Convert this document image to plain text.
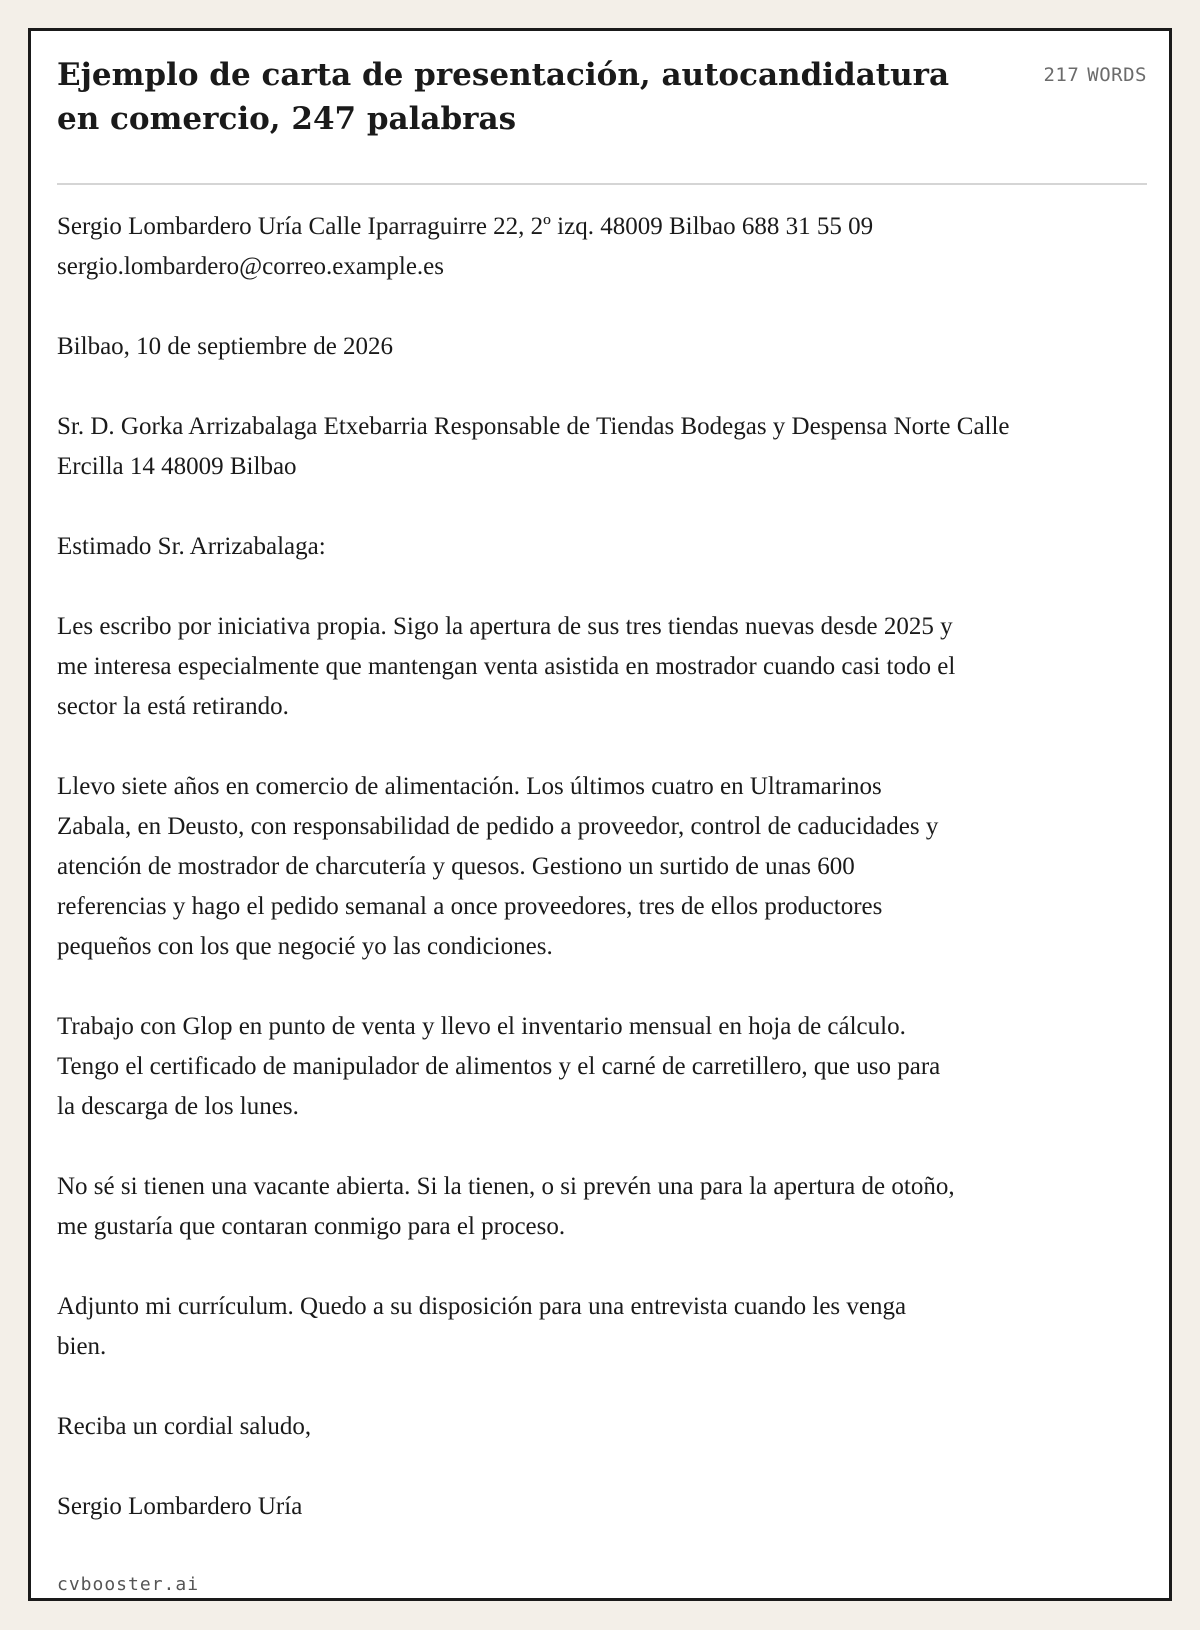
Ejemplo de carta de presentación, autocandidatura en comercio, 247 palabras
217 WORDS

Sergio Lombardero Uría Calle Iparraguirre 22, 2º izq. 48009 Bilbao 688 31 55 09 sergio.lombardero@correo.example.es

Bilbao, 10 de septiembre de 2026

Sr. D. Gorka Arrizabalaga Etxebarria Responsable de Tiendas Bodegas y Despensa Norte Calle Ercilla 14 48009 Bilbao

Estimado Sr. Arrizabalaga:

Les escribo por iniciativa propia. Sigo la apertura de sus tres tiendas nuevas desde 2025 y me interesa especialmente que mantengan venta asistida en mostrador cuando casi todo el sector la está retirando.

Llevo siete años en comercio de alimentación. Los últimos cuatro en Ultramarinos Zabala, en Deusto, con responsabilidad de pedido a proveedor, control de caducidades y atención de mostrador de charcutería y quesos. Gestiono un surtido de unas 600 referencias y hago el pedido semanal a once proveedores, tres de ellos productores pequeños con los que negocié yo las condiciones.

Trabajo con Glop en punto de venta y llevo el inventario mensual en hoja de cálculo. Tengo el certificado de manipulador de alimentos y el carné de carretillero, que uso para la descarga de los lunes.

No sé si tienen una vacante abierta. Si la tienen, o si prevén una para la apertura de otoño, me gustaría que contaran conmigo para el proceso.

Adjunto mi currículum. Quedo a su disposición para una entrevista cuando les venga bien.

Reciba un cordial saludo,

Sergio Lombardero Uría

cvbooster.ai
